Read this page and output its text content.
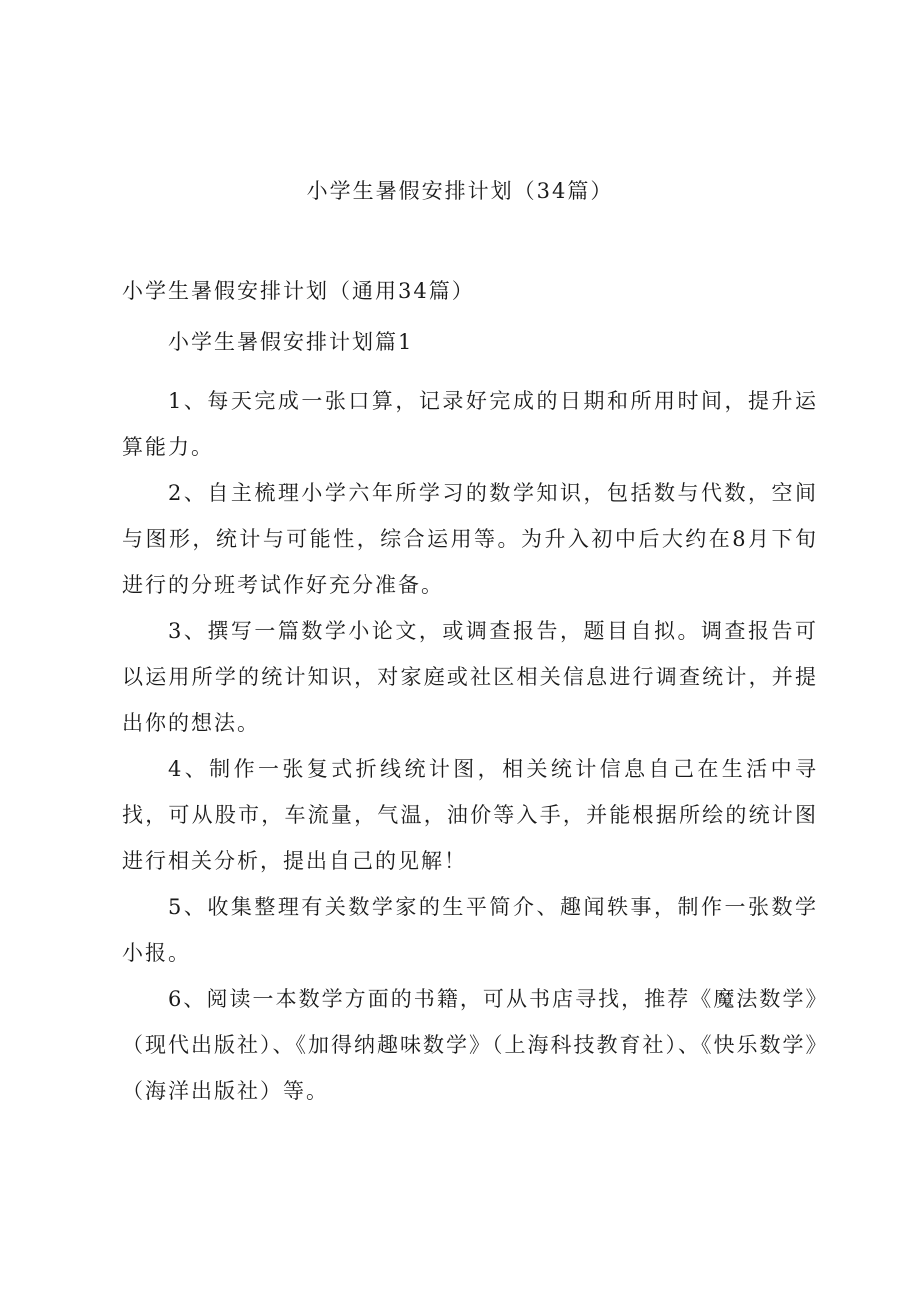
小学生暑假安排计划（34篇）

小学生暑假安排计划（通用34篇）

小学生暑假安排计划篇1

1、每天完成一张口算，记录好完成的日期和所用时间，提升运算能力。

2、自主梳理小学六年所学习的数学知识，包括数与代数，空间与图形，统计与可能性，综合运用等。为升入初中后大约在8月下旬进行的分班考试作好充分准备。

3、撰写一篇数学小论文，或调查报告，题目自拟。调查报告可以运用所学的统计知识，对家庭或社区相关信息进行调查统计，并提出你的想法。

4、制作一张复式折线统计图，相关统计信息自己在生活中寻找，可从股市，车流量，气温，油价等入手，并能根据所绘的统计图进行相关分析，提出自己的见解！

5、收集整理有关数学家的生平简介、趣闻轶事，制作一张数学小报。

6、阅读一本数学方面的书籍，可从书店寻找，推荐《魔法数学》（现代出版社）、《加得纳趣味数学》（上海科技教育社）、《快乐数学》（海洋出版社）等。
